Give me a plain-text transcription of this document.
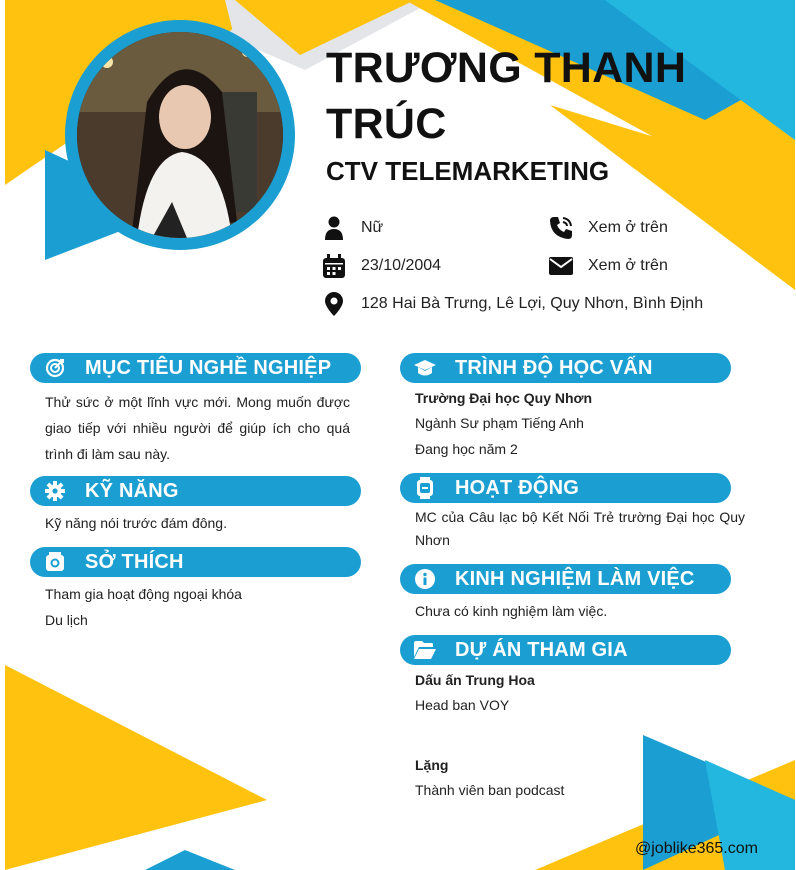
TRƯƠNG THANH TRÚC
CTV TELEMARKETING
Nữ
23/10/2004
128 Hai Bà Trưng, Lê Lợi, Quy Nhơn, Bình Định
Xem ở trên
Xem ở trên
MỤC TIÊU NGHỀ NGHIỆP
Thử sức ở một lĩnh vực mới. Mong muốn được giao tiếp với nhiều người để giúp ích cho quá trình đi làm sau này.
KỸ NĂNG
Kỹ năng nói trước đám đông.
SỞ THÍCH
Tham gia hoạt động ngoại khóa
Du lịch
TRÌNH ĐỘ HỌC VẤN
Trường Đại học Quy Nhơn
Ngành Sư phạm Tiếng Anh
Đang học năm 2
HOẠT ĐỘNG
MC của Câu lạc bộ Kết Nối Trẻ trường Đại học Quy Nhơn
KINH NGHIỆM LÀM VIỆC
Chưa có kinh nghiệm làm việc.
DỰ ÁN THAM GIA
Dấu ấn Trung Hoa
Head ban VOY
Lặng
Thành viên ban podcast
@joblike365.com
